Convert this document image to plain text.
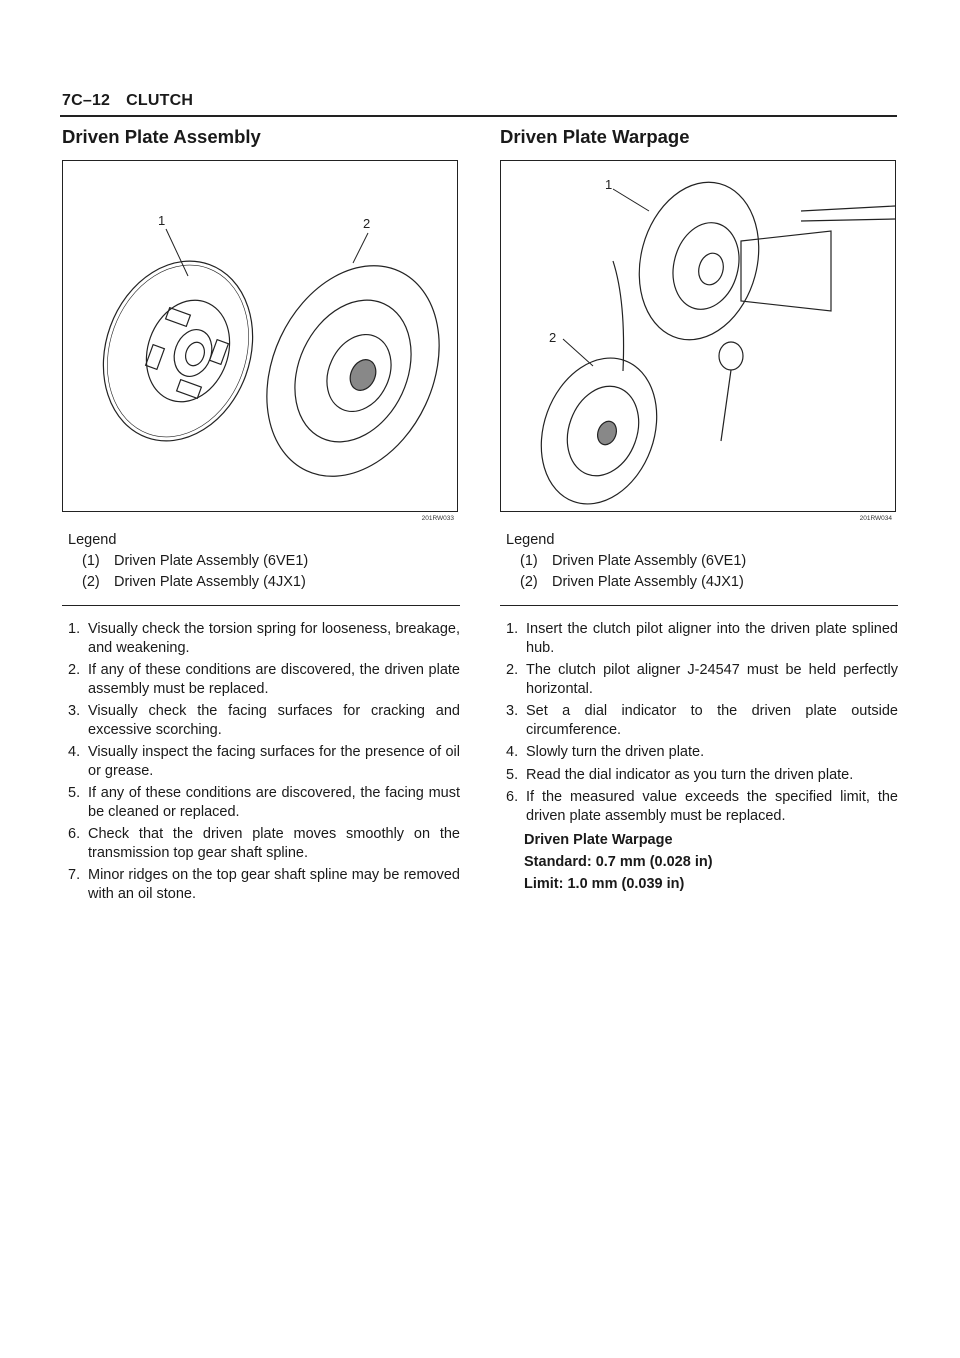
7C–12 CLUTCH
Driven Plate Assembly
1	2
201RW033
Legend
(1) Driven Plate Assembly (6VE1)
(2) Driven Plate Assembly (4JX1)
1. Visually check the torsion spring for looseness, breakage, and weakening.
2. If any of these conditions are discovered, the driven plate assembly must be replaced.
3. Visually check the facing surfaces for cracking and excessive scorching.
4. Visually inspect the facing surfaces for the presence of oil or grease.
5. If any of these conditions are discovered, the facing must be cleaned or replaced.
6. Check that the driven plate moves smoothly on the transmission top gear shaft spline.
7. Minor ridges on the top gear shaft spline may be removed with an oil stone.
Driven Plate Warpage
1
2
201RW034
Legend
(1) Driven Plate Assembly (6VE1)
(2) Driven Plate Assembly (4JX1)
1. Insert the clutch pilot aligner into the driven plate splined hub.
2. The clutch pilot aligner J-24547 must be held perfectly horizontal.
3. Set a dial indicator to the driven plate outside circumference.
4. Slowly turn the driven plate.
5. Read the dial indicator as you turn the driven plate.
6. If the measured value exceeds the specified limit, the driven plate assembly must be replaced.
Driven Plate Warpage
Standard: 0.7 mm (0.028 in)
Limit: 1.0 mm (0.039 in)
